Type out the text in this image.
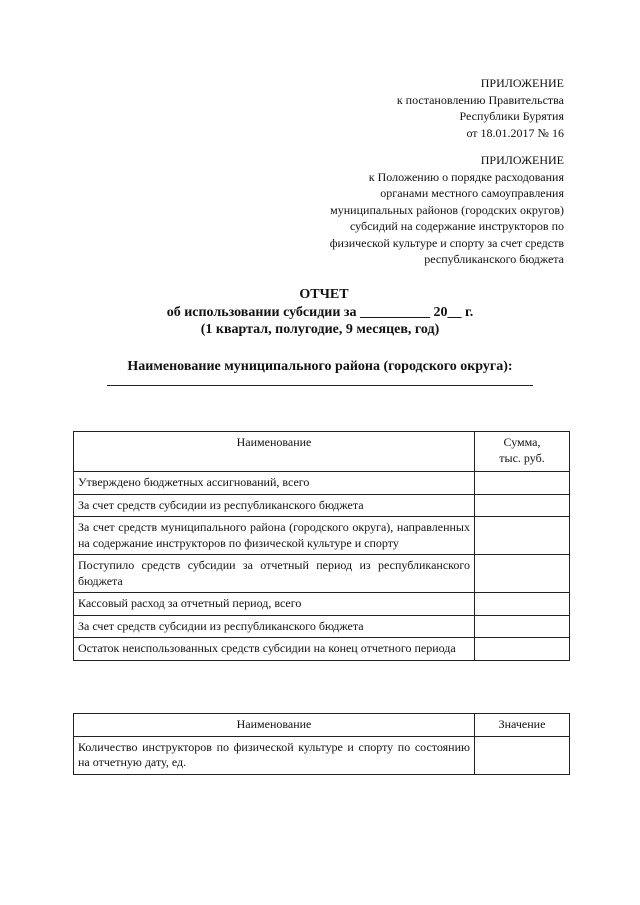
ПРИЛОЖЕНИЕ
к постановлению Правительства
Республики Бурятия
от 18.01.2017 № 16
ПРИЛОЖЕНИЕ
к Положению о порядке расходования
органами местного самоуправления
муниципальных районов (городских округов)
субсидий на содержание инструкторов по
физической культуре и спорту за счет средств
республиканского бюджета
ОТЧЕТ
об использовании субсидии за __________ 20__ г.
(1 квартал, полугодие, 9 месяцев, год)
Наименование муниципального района (городского округа):
Наименование	Сумма,
тыс. руб.
Утверждено бюджетных ассигнований, всего	
За счет средств субсидии из республиканского бюджета	
За счет средств муниципального района (городского округа), направленных на содержание инструкторов по физической культуре и спорту	
Поступило средств субсидии за отчетный период из республиканского бюджета	
Кассовый расход за отчетный период, всего	
За счет средств субсидии из республиканского бюджета	
Остаток неиспользованных средств субсидии на конец отчетного периода	
Наименование	Значение
Количество инструкторов по физической культуре и спорту по состоянию на отчетную дату, ед.	
